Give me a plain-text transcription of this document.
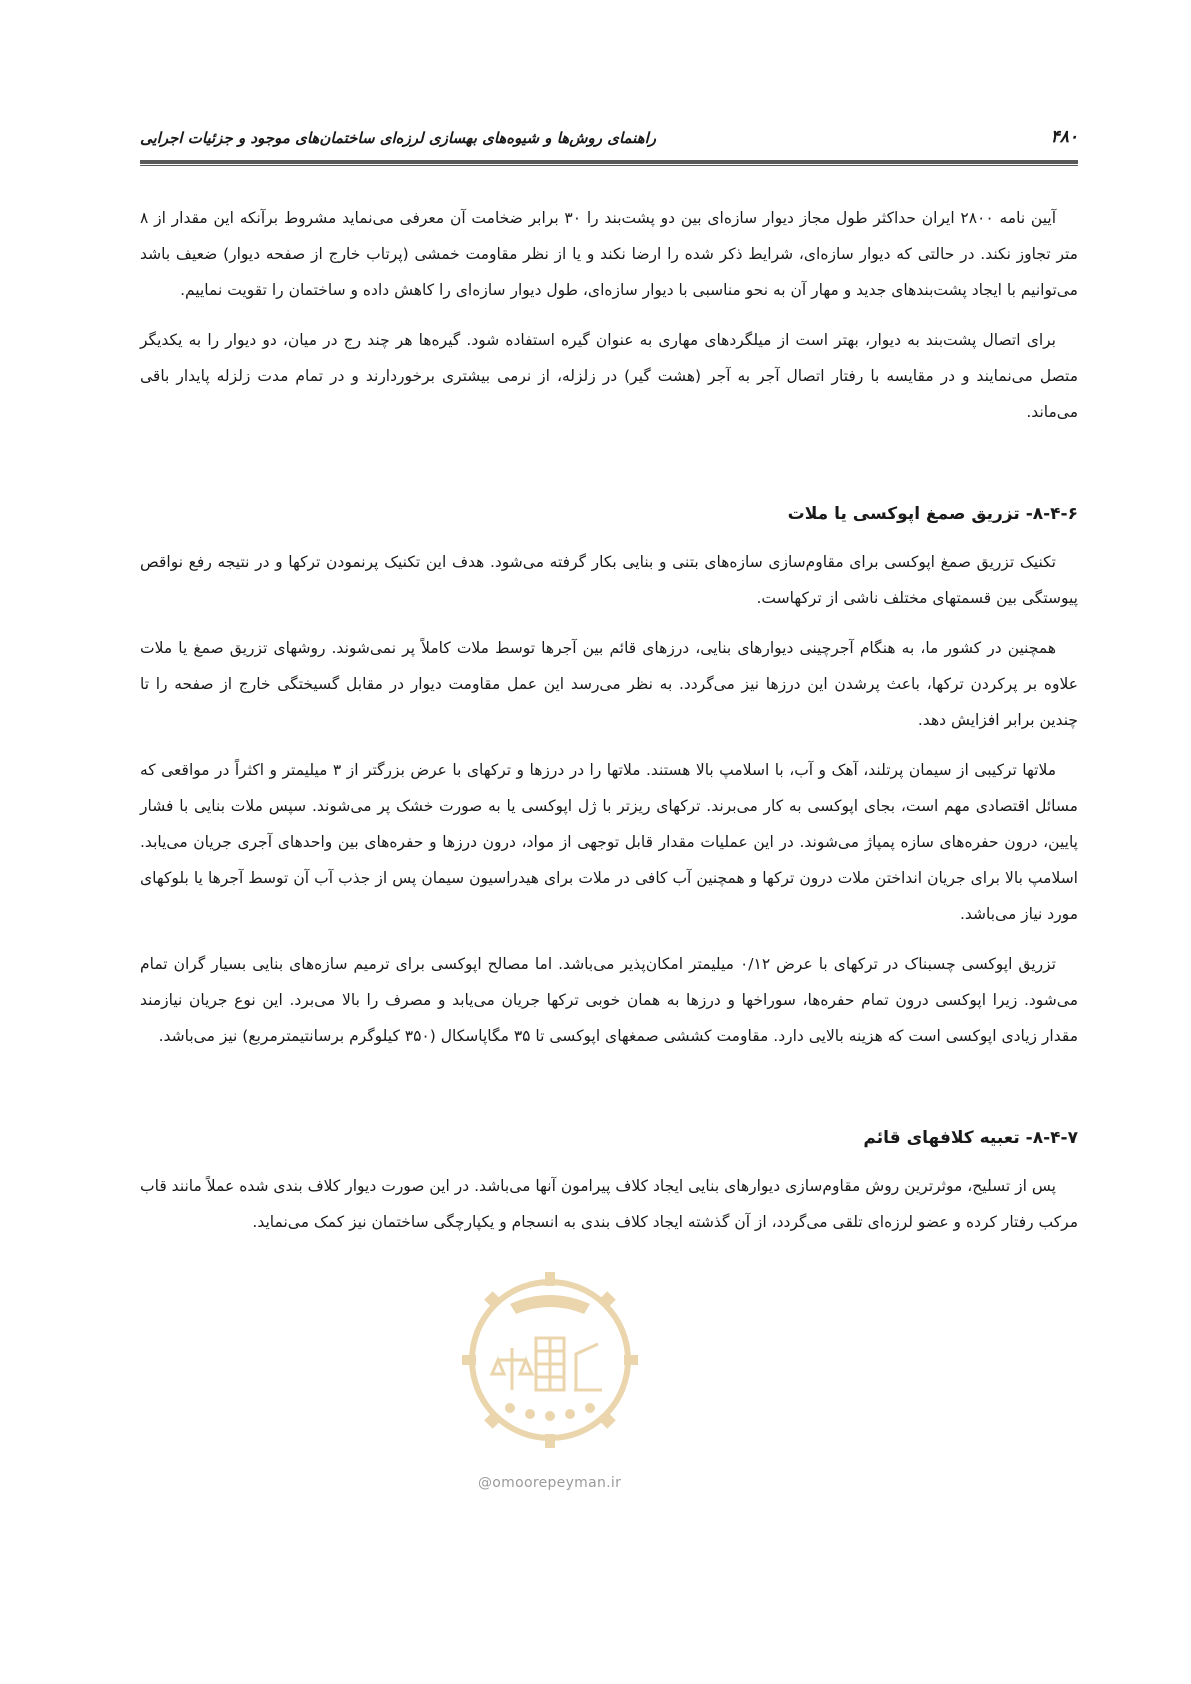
راهنمای روش‌ها و شیوه‌های بهسازی لرزه‌ای ساختمان‌های موجود و جزئیات اجرایی	۴۸۰

آیین نامه ۲۸۰۰ ایران حداکثر طول مجاز دیوار سازه‌ای بین دو پشت‌بند را ۳۰ برابر ضخامت آن معرفی می‌نماید مشروط برآنکه این مقدار از ۸ متر تجاوز نکند. در حالتی که دیوار سازه‌ای، شرایط ذکر شده را ارضا نکند و یا از نظر مقاومت خمشی (پرتاب خارج از صفحه دیوار) ضعیف باشد می‌توانیم با ایجاد پشت‌بندهای جدید و مهار آن به نحو مناسبی با دیوار سازه‌ای، طول دیوار سازه‌ای را کاهش داده و ساختمان را تقویت نماییم.

برای اتصال پشت‌بند به دیوار، بهتر است از میلگردهای مهاری به عنوان گیره استفاده شود. گیره‌ها هر چند رج در میان، دو دیوار را به یکدیگر متصل می‌نمایند و در مقایسه با رفتار اتصال آجر به آجر (هشت گیر) در زلزله، از نرمی بیشتری برخوردارند و در تمام مدت زلزله پایدار باقی می‌ماند.

۸-۴-۶- تزریق صمغ اپوکسی یا ملات

تکنیک تزریق صمغ اپوکسی برای مقاوم‌سازی سازه‌های بتنی و بنایی بکار گرفته می‌شود. هدف این تکنیک پرنمودن ترکها و در نتیجه رفع نواقص پیوستگی بین قسمتهای مختلف ناشی از ترکهاست.

همچنین در کشور ما، به هنگام آجرچینی دیوارهای بنایی، درزهای قائم بین آجرها توسط ملات کاملاً پر نمی‌شوند. روشهای تزریق صمغ یا ملات علاوه بر پرکردن ترکها، باعث پرشدن این درزها نیز می‌گردد. به نظر می‌رسد این عمل مقاومت دیوار در مقابل گسیختگی خارج از صفحه را تا چندین برابر افزایش دهد.

ملاتها ترکیبی از سیمان پرتلند، آهک و آب، با اسلامپ بالا هستند. ملاتها را در درزها و ترکهای با عرض بزرگتر از ۳ میلیمتر و اکثراً در مواقعی که مسائل اقتصادی مهم است، بجای اپوکسی به کار می‌برند. ترکهای ریزتر با ژل اپوکسی یا به صورت خشک پر می‌شوند. سپس ملات بنایی با فشار پایین، درون حفره‌های سازه پمپاژ می‌شوند. در این عملیات مقدار قابل توجهی از مواد، درون درزها و حفره‌های بین واحدهای آجری جریان می‌یابد. اسلامپ بالا برای جریان انداختن ملات درون ترکها و همچنین آب کافی در ملات برای هیدراسیون سیمان پس از جذب آب آن توسط آجرها یا بلوکهای مورد نیاز می‌باشد.

تزریق اپوکسی چسبناک در ترکهای با عرض ۰/۱۲ میلیمتر امکان‌پذیر می‌باشد. اما مصالح اپوکسی برای ترمیم سازه‌های بنایی بسیار گران تمام می‌شود. زیرا اپوکسی درون تمام حفره‌ها، سوراخها و درزها به همان خوبی ترکها جریان می‌یابد و مصرف را بالا می‌برد. این نوع جریان نیازمند مقدار زیادی اپوکسی است که هزینه بالایی دارد. مقاومت کششی صمغهای اپوکسی تا ۳۵ مگاپاسکال (۳۵۰ کیلوگرم برسانتیمترمربع) نیز می‌باشد.

۸-۴-۷- تعبیه کلافهای قائم

پس از تسلیح، موثرترین روش مقاوم‌سازی دیوارهای بنایی ایجاد کلاف پیرامون آنها می‌باشد. در این صورت دیوار کلاف بندی شده عملاً مانند قاب مرکب رفتار کرده و عضو لرزه‌ای تلقی می‌گردد، از آن گذشته ایجاد کلاف بندی به انسجام و یکپارچگی ساختمان نیز کمک می‌نماید.

@omoorepeyman.ir
